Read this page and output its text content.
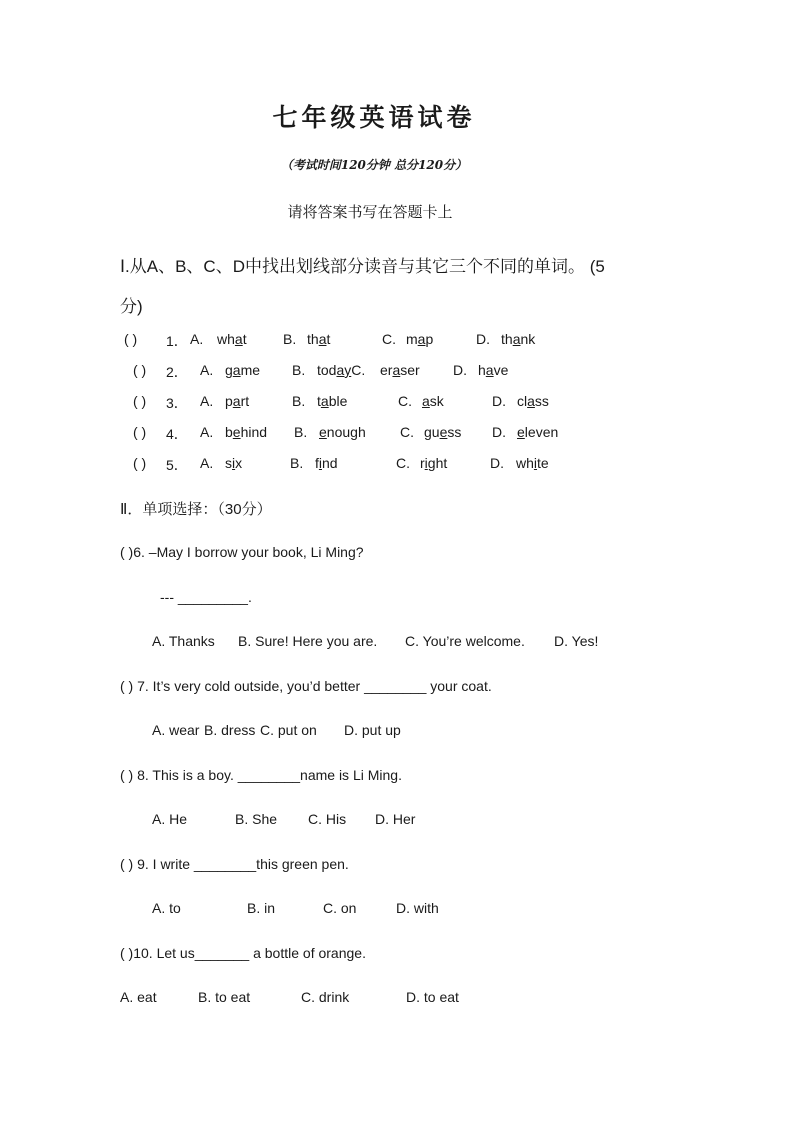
七年级英语试卷
（考试时间120分钟 总分120分）
请将答案书写在答题卡上
Ⅰ.从A、B、C、D中找出划线部分读音与其它三个不同的单词。 (5
分)
( ) 1． A. what	B. that	C. map	D. thank
( ) 2． A. game B. todayC. eraser D. have
( ) 3． A. part	B. table	C. ask	D. class
( ) 4． A. behind B. enough C. guess D. eleven
( ) 5． A. six	B. find	C. right	D. white
Ⅱ．单项选择：（30分）
( )6. –May I borrow your book, Li Ming?
--- _________.
A. Thanks B. Sure! Here you are. C. You’re welcome. D. Yes!
( ) 7. It’s very cold outside, you’d better ________ your coat.
A. wear B. dress C. put on D. put up
( ) 8. This is a boy. ________name is Li Ming.
A. He	B. She C. His D. Her
( ) 9. I write ________this green pen.
A. to	B. in	C. on	D. with
( )10. Let us_______ a bottle of orange.
A. eat	B. to eat	C. drink	D. to eat
